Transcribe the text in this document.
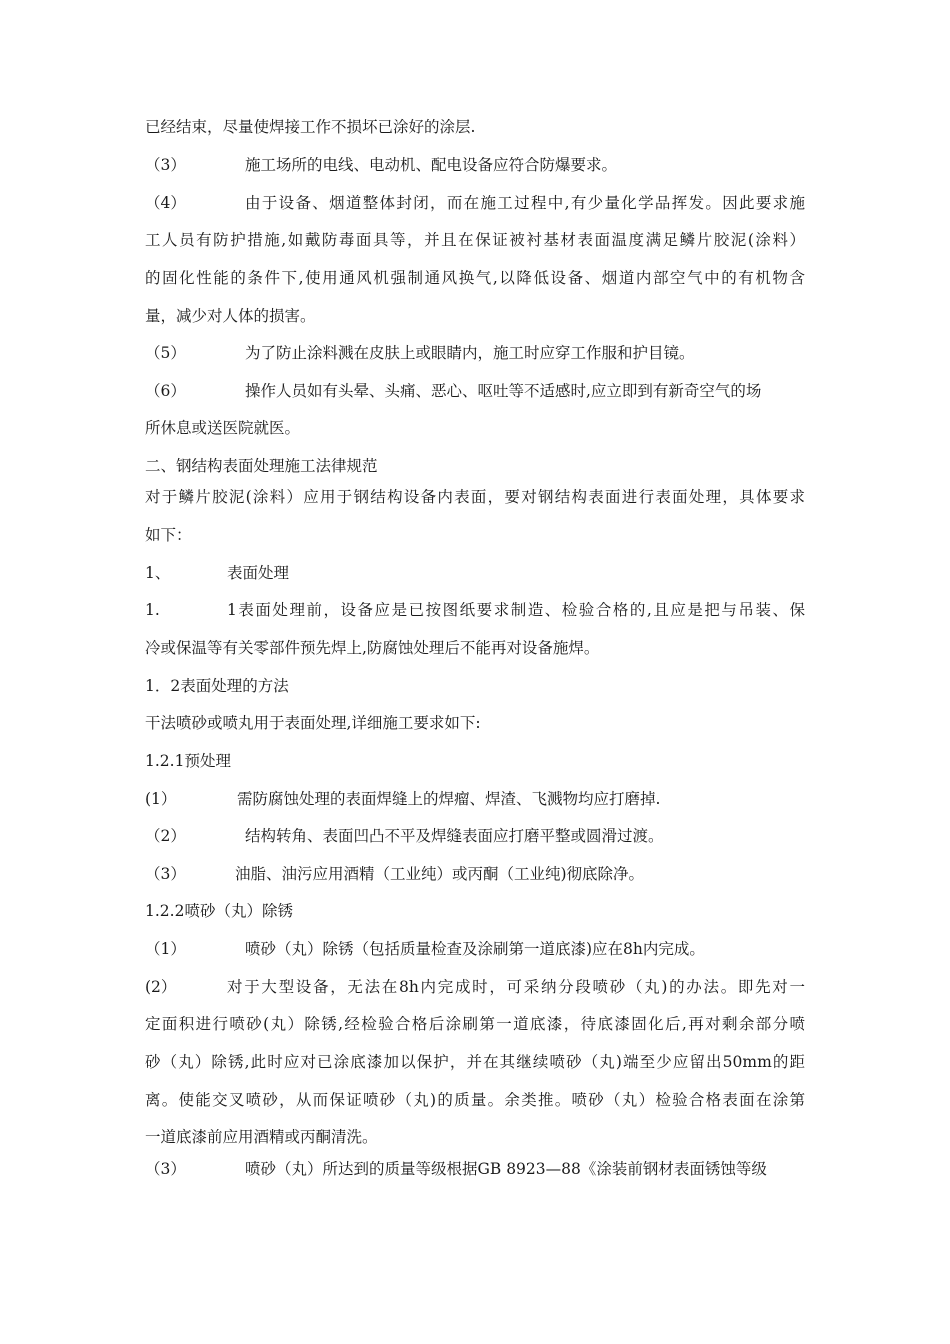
已经结束，尽量使焊接工作不损坏已涂好的涂层.
（3）	施工场所的电线、电动机、配电设备应符合防爆要求。
（4）	由于设备、烟道整体封闭，而在施工过程中,有少量化学品挥发。因此要求施
工人员有防护措施,如戴防毒面具等，并且在保证被衬基材表面温度满足鳞片胶泥(涂料）
的固化性能的条件下,使用通风机强制通风换气,以降低设备、烟道内部空气中的有机物含
量，减少对人体的损害。
（5）	为了防止涂料溅在皮肤上或眼睛内，施工时应穿工作服和护目镜。
（6）	操作人员如有头晕、头痛、恶心、呕吐等不适感时,应立即到有新奇空气的场
所休息或送医院就医。
二、钢结构表面处理施工法律规范
对于鳞片胶泥(涂料）应用于钢结构设备内表面，要对钢结构表面进行表面处理，具体要求
如下：
1、	表面处理
1.	1表面处理前，设备应是已按图纸要求制造、检验合格的,且应是把与吊装、保
冷或保温等有关零部件预先焊上,防腐蚀处理后不能再对设备施焊。
1．2表面处理的方法
干法喷砂或喷丸用于表面处理,详细施工要求如下:
1.2.1预处理
(1）	需防腐蚀处理的表面焊缝上的焊瘤、焊渣、飞溅物均应打磨掉.
（2）	结构转角、表面凹凸不平及焊缝表面应打磨平整或圆滑过渡。
（3）	油脂、油污应用酒精（工业纯）或丙酮（工业纯)彻底除净。
1.2.2喷砂（丸）除锈
（1）	喷砂（丸）除锈（包括质量检查及涂刷第一道底漆)应在8h内完成。
(2）	对于大型设备，无法在8h内完成时，可采纳分段喷砂（丸)的办法。即先对一
定面积进行喷砂(丸）除锈,经检验合格后涂刷第一道底漆，待底漆固化后,再对剩余部分喷
砂（丸）除锈,此时应对已涂底漆加以保护，并在其继续喷砂（丸)端至少应留出50mm的距
离。使能交叉喷砂，从而保证喷砂（丸)的质量。余类推。喷砂（丸）检验合格表面在涂第
一道底漆前应用酒精或丙酮清洗。
（3）	喷砂（丸）所达到的质量等级根据GB 8923—88《涂装前钢材表面锈蚀等级
